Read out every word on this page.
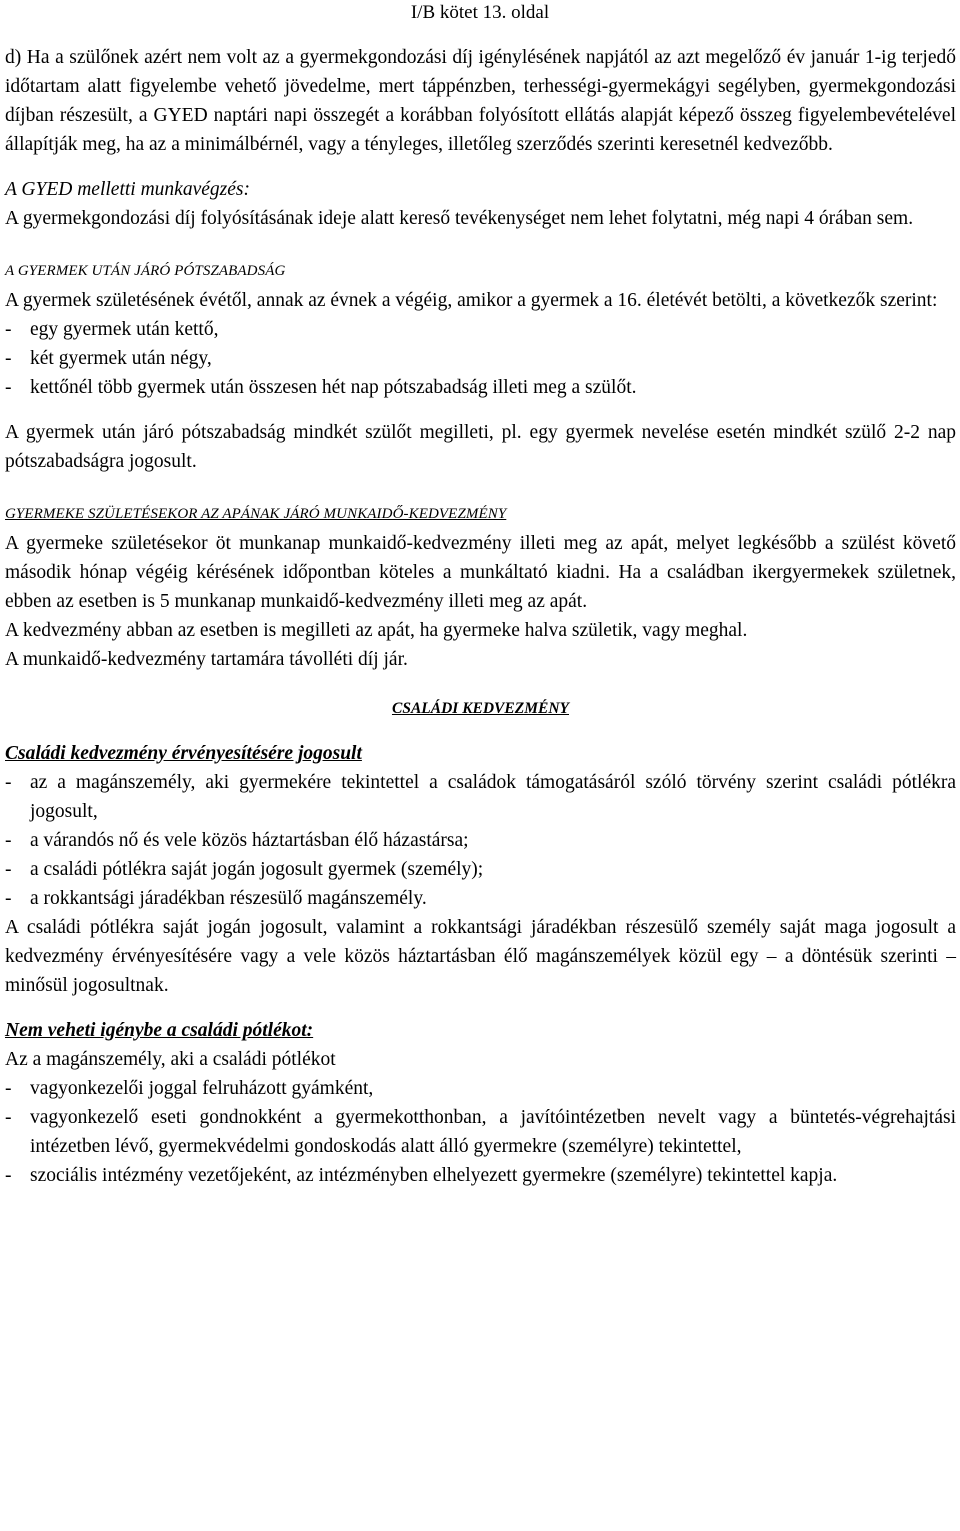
I/B kötet 13. oldal

d) Ha a szülőnek azért nem volt az a gyermekgondozási díj igénylésének napjától az azt megelőző év január 1-ig terjedő időtartam alatt figyelembe vehető jövedelme, mert táppénzben, terhességi-gyermekágyi segélyben, gyermekgondozási díjban részesült, a GYED naptári napi összegét a korábban folyósított ellátás alapját képező összeg figyelembevételével állapítják meg, ha az a minimálbérnél, vagy a tényleges, illetőleg szerződés szerinti keresetnél kedvezőbb.

A GYED melletti munkavégzés:

A gyermekgondozási díj folyósításának ideje alatt kereső tevékenységet nem lehet folytatni, még napi 4 órában sem.

A GYERMEK UTÁN JÁRÓ PÓTSZABADSÁG

A gyermek születésének évétől, annak az évnek a végéig, amikor a gyermek a 16. életévét betölti, a következők szerint:

- egy gyermek után kettő,
- két gyermek után négy,
- kettőnél több gyermek után összesen hét nap pótszabadság illeti meg a szülőt.

A gyermek után járó pótszabadság mindkét szülőt megilleti, pl. egy gyermek nevelése esetén mindkét szülő 2-2 nap pótszabadságra jogosult.

GYERMEKE SZÜLETÉSEKOR AZ APÁNAK JÁRÓ MUNKAIDŐ-KEDVEZMÉNY

A gyermeke születésekor öt munkanap munkaidő-kedvezmény illeti meg az apát, melyet legkésőbb a szülést követő második hónap végéig kérésének időpontban köteles a munkáltató kiadni. Ha a családban ikergyermekek születnek, ebben az esetben is 5 munkanap munkaidő-kedvezmény illeti meg az apát.

A kedvezmény abban az esetben is megilleti az apát, ha gyermeke halva születik, vagy meghal.

A munkaidő-kedvezmény tartamára távolléti díj jár.

CSALÁDI KEDVEZMÉNY

Családi kedvezmény érvényesítésére jogosult

- az a magánszemély, aki gyermekére tekintettel a családok támogatásáról szóló törvény szerint családi pótlékra jogosult,
- a várandós nő és vele közös háztartásban élő házastársa;
- a családi pótlékra saját jogán jogosult gyermek (személy);
- a rokkantsági járadékban részesülő magánszemély.

A családi pótlékra saját jogán jogosult, valamint a rokkantsági járadékban részesülő személy saját maga jogosult a kedvezmény érvényesítésére vagy a vele közös háztartásban élő magánszemélyek közül egy – a döntésük szerinti – minősül jogosultnak.

Nem veheti igénybe a családi pótlékot:

Az a magánszemély, aki a családi pótlékot

- vagyonkezelői joggal felruházott gyámként,
- vagyonkezelő eseti gondnokként a gyermekotthonban, a javítóintézetben nevelt vagy a büntetés-végrehajtási intézetben lévő, gyermekvédelmi gondoskodás alatt álló gyermekre (személyre) tekintettel,
- szociális intézmény vezetőjeként, az intézményben elhelyezett gyermekre (személyre) tekintettel kapja.
